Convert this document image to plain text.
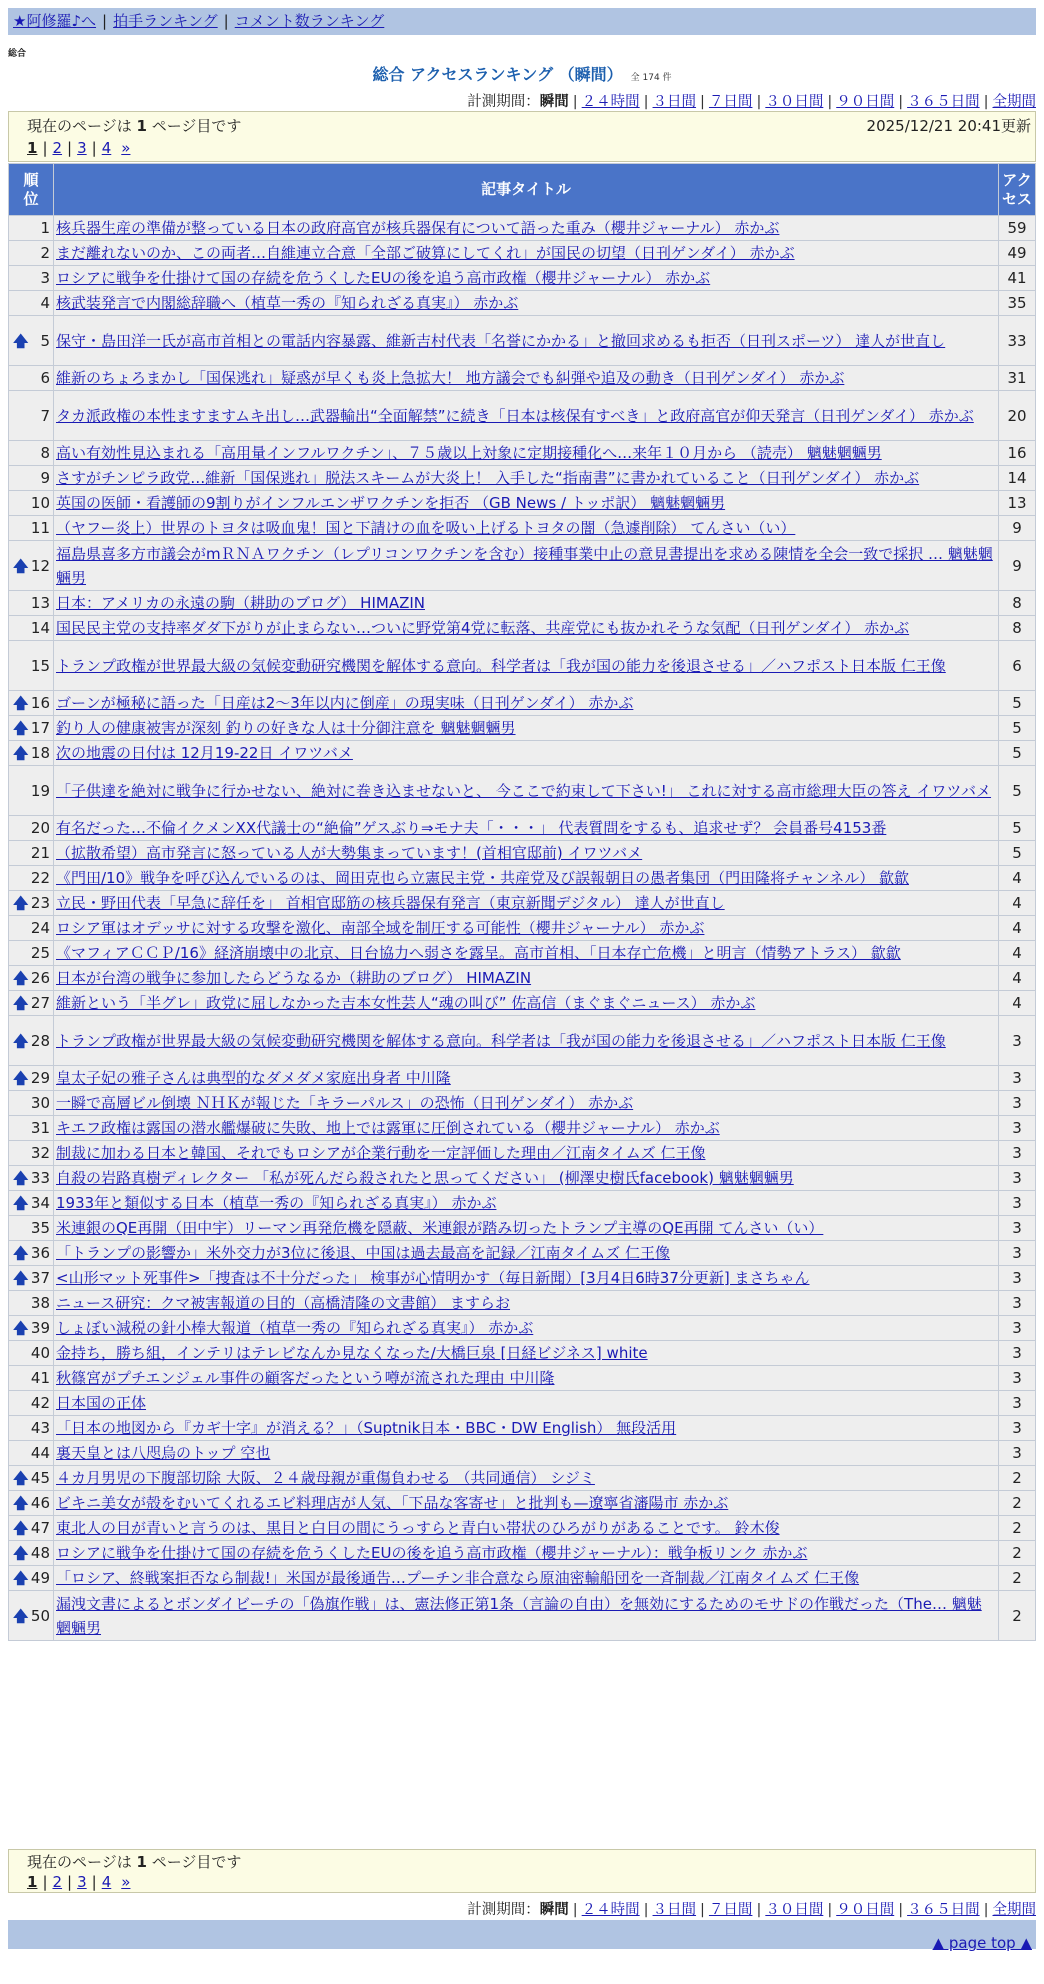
★阿修羅♪へ | 拍手ランキング | コメント数ランキング
総合
総合 アクセスランキング （瞬間） 全 174 件
計測期間：瞬間 | ２４時間 | ３日間 | ７日間 | ３０日間 | ９０日間 | ３６５日間 | 全期間
現在のページは 1 ページ目です	2025/12/21 20:41更新
1 | 2 | 3 | 4 »
順位	記事タイトル	アクセス
1	核兵器生産の準備が整っている日本の政府高官が核兵器保有について語った重み（櫻井ジャーナル） 赤かぶ	59
2	まだ離れないのか、この両者…自維連立合意「全部ご破算にしてくれ」が国民の切望（日刊ゲンダイ） 赤かぶ	49
3	ロシアに戦争を仕掛けて国の存続を危うくしたEUの後を追う高市政権（櫻井ジャーナル） 赤かぶ	41
4	核武装発言で内閣総辞職へ（植草一秀の『知られざる真実』） 赤かぶ	35

🡅 5	保守・島田洋一氏が高市首相との電話内容暴露、維新吉村代表「名誉にかかる」と撤回求めるも拒否（日刊スポーツ） 達人が世直し	33
6	維新のちょろまかし「国保逃れ」疑惑が早くも炎上急拡大！ 地方議会でも糾弾や追及の動き（日刊ゲンダイ） 赤かぶ	31
7	タカ派政権の本性ますますムキ出し…武器輸出“全面解禁”に続き「日本は核保有すべき」と政府高官が仰天発言（日刊ゲンダイ） 赤かぶ	20
8	高い有効性見込まれる「高用量インフルワクチン」、７５歳以上対象に定期接種化へ…来年１０月から （読売） 魑魅魍魎男	16
9	さすがチンピラ政党…維新「国保逃れ」脱法スキームが大炎上！ 入手した“指南書”に書かれていること（日刊ゲンダイ） 赤かぶ	14
10	英国の医師・看護師の9割りがインフルエンザワクチンを拒否 （GB News / トッポ訳） 魑魅魍魎男	13
11	（ヤフー炎上）世界のトヨタは吸血鬼！国と下請けの血を吸い上げるトヨタの闇（急遽削除） てんさい（い）	9

🡅 12	福島県喜多方市議会がmＲＮＡワクチン（レプリコンワクチンを含む）接種事業中止の意見書提出を求める陳情を全会一致で採択 … 魑魅魍魎男	9
13	日本：アメリカの永遠の駒（耕助のブログ） HIMAZIN	8
14	国民民主党の支持率ダダ下がりが止まらない…ついに野党第4党に転落、共産党にも抜かれそうな気配（日刊ゲンダイ） 赤かぶ	8
15	トランプ政権が世界最大級の気候変動研究機関を解体する意向。科学者は「我が国の能力を後退させる」／ハフポスト日本版 仁王像	6

🡅 16	ゴーンが極秘に語った「日産は2～3年以内に倒産」の現実味（日刊ゲンダイ） 赤かぶ	5

🡅 17	釣り人の健康被害が深刻 釣りの好きな人は十分御注意を 魑魅魍魎男	5

🡅 18	次の地震の日付は 12月19-22日 イワツバメ	5
19	「子供達を絶対に戦争に行かせない、絶対に巻き込ませないと、 今ここで約束して下さい!」 これに対する高市総理大臣の答え イワツバメ	5
20	有名だった…不倫イクメンXX代議士の“絶倫”ゲスぶり⇒モナ夫「・・・」 代表質問をするも、追求せず？ 会員番号4153番	5
21	（拡散希望）高市発言に怒っている人が大勢集まっています！(首相官邸前) イワツバメ	5
22	《門田/10》戦争を呼び込んでいるのは、岡田克也ら立憲民主党・共産党及び誤報朝日の愚者集団（門田隆将チャンネル） 歙歙	4

🡅 23	立民・野田代表「早急に辞任を」 首相官邸筋の核兵器保有発言（東京新聞デジタル） 達人が世直し	4
24	ロシア軍はオデッサに対する攻撃を激化、南部全域を制圧する可能性（櫻井ジャーナル） 赤かぶ	4
25	《マフィアＣＣＰ/16》経済崩壊中の北京、日台協力へ弱さを露呈。高市首相、「日本存亡危機」と明言（情勢アトラス） 歙歙	4

🡅 26	日本が台湾の戦争に参加したらどうなるか（耕助のブログ） HIMAZIN	4

🡅 27	維新という「半グレ」政党に屈しなかった吉本女性芸人“魂の叫び” 佐高信（まぐまぐニュース） 赤かぶ	4

🡅 28	トランプ政権が世界最大級の気候変動研究機関を解体する意向。科学者は「我が国の能力を後退させる」／ハフポスト日本版 仁王像	3

🡅 29	皇太子妃の雅子さんは典型的なダメダメ家庭出身者 中川隆	3
30	一瞬で高層ビル倒壊 ＮＨＫが報じた「キラーパルス」の恐怖（日刊ゲンダイ） 赤かぶ	3
31	キエフ政権は露国の潜水艦爆破に失敗、地上では露軍に圧倒されている（櫻井ジャーナル） 赤かぶ	3
32	制裁に加わる日本と韓国、それでもロシアが企業行動を一定評価した理由／江南タイムズ 仁王像	3

🡅 33	自殺の岩路真樹ディレクター 「私が死んだら殺されたと思ってください」 (柳澤史樹氏facebook) 魑魅魍魎男	3

🡅 34	1933年と類似する日本（植草一秀の『知られざる真実』） 赤かぶ	3
35	米連銀のQE再開（田中宇）リーマン再発危機を隠蔽、米連銀が踏み切ったトランプ主導のQE再開 てんさい（い）	3

🡅 36	「トランプの影響か」米外交力が3位に後退、中国は過去最高を記録／江南タイムズ 仁王像	3

🡅 37	<山形マット死事件>「捜査は不十分だった」 検事が心情明かす（毎日新聞）[3月4日6時37分更新] まさちゃん	3
38	ニュース研究：クマ被害報道の目的（高橋清隆の文書館） ますらお	3

🡅 39	しょぼい減税の針小棒大報道（植草一秀の『知られざる真実』） 赤かぶ	3
40	金持ち，勝ち組，インテリはテレビなんか見なくなった/大橋巨泉 [日経ビジネス] white	3
41	秋篠宮がプチエンジェル事件の顧客だったという噂が流された理由 中川隆	3
42	日本国の正体	3
43	「日本の地図から『カギ十字』が消える？」（Suptnik日本・BBC・DW English） 無段活用	3
44	裏天皇とは八咫烏のトップ 空也	3

🡅 45	４カ月男児の下腹部切除 大阪、２４歳母親が重傷負わせる （共同通信） シジミ	2

🡅 46	ビキニ美女が殻をむいてくれるエビ料理店が人気、「下品な客寄せ」と批判も—遼寧省瀋陽市 赤かぶ	2

🡅 47	東北人の目が青いと言うのは、黒目と白目の間にうっすらと青白い帯状のひろがりがあることです。 鈴木俊	2

🡅 48	ロシアに戦争を仕掛けて国の存続を危うくしたEUの後を追う高市政権（櫻井ジャーナル）：戦争板リンク 赤かぶ	2

🡅 49	「ロシア、終戦案拒否なら制裁!」米国が最後通告…プーチン非合意なら原油密輸船団を一斉制裁／江南タイムズ 仁王像	2

🡅 50	漏洩文書によるとボンダイビーチの「偽旗作戦」は、憲法修正第1条（言論の自由）を無効にするためのモサドの作戦だった（The… 魑魅魍魎男	2
現在のページは 1 ページ目です
1 | 2 | 3 | 4 »
計測期間：瞬間 | ２４時間 | ３日間 | ７日間 | ３０日間 | ９０日間 | ３６５日間 | 全期間
▲ page top ▲
